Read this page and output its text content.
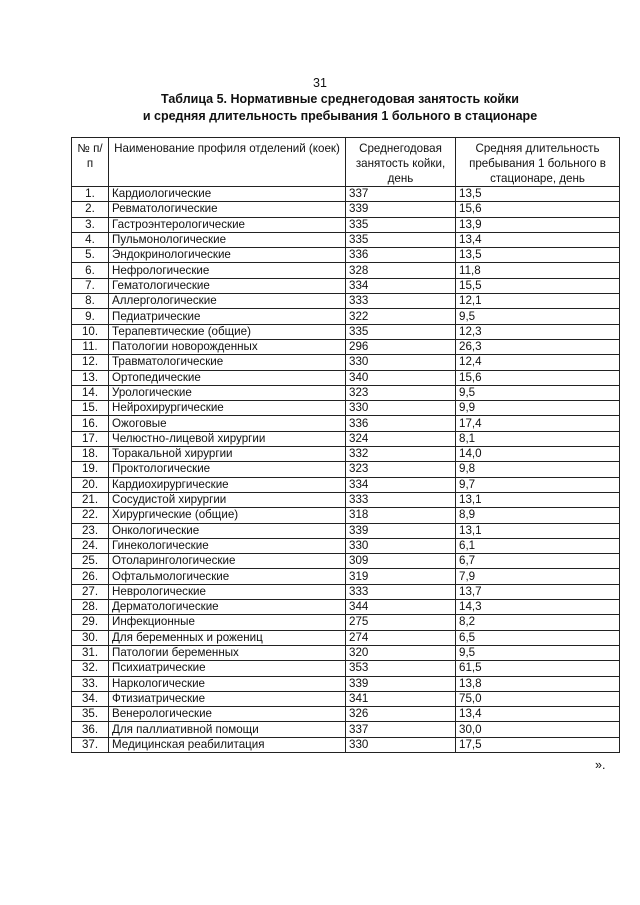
31
Таблица 5. Нормативные среднегодовая занятость койки
и средняя длительность пребывания 1 больного в стационаре
№ п/п	Наименование профиля отделений (коек)	Среднегодовая занятость койки, день	Средняя длительность пребывания 1 больного в стационаре, день
1.	Кардиологические	337	13,5
2.	Ревматологические	339	15,6
3.	Гастроэнтерологические	335	13,9
4.	Пульмонологические	335	13,4
5.	Эндокринологические	336	13,5
6.	Нефрологические	328	11,8
7.	Гематологические	334	15,5
8.	Аллергологические	333	12,1
9.	Педиатрические	322	9,5
10.	Терапевтические (общие)	335	12,3
11.	Патологии новорожденных	296	26,3
12.	Травматологические	330	12,4
13.	Ортопедические	340	15,6
14.	Урологические	323	9,5
15.	Нейрохирургические	330	9,9
16.	Ожоговые	336	17,4
17.	Челюстно-лицевой хирургии	324	8,1
18.	Торакальной хирургии	332	14,0
19.	Проктологические	323	9,8
20.	Кардиохирургические	334	9,7
21.	Сосудистой хирургии	333	13,1
22.	Хирургические (общие)	318	8,9
23.	Онкологические	339	13,1
24.	Гинекологические	330	6,1
25.	Отоларингологические	309	6,7
26.	Офтальмологические	319	7,9
27.	Неврологические	333	13,7
28.	Дерматологические	344	14,3
29.	Инфекционные	275	8,2
30.	Для беременных и рожениц	274	6,5
31.	Патологии беременных	320	9,5
32.	Психиатрические	353	61,5
33.	Наркологические	339	13,8
34.	Фтизиатрические	341	75,0
35.	Венерологические	326	13,4
36.	Для паллиативной помощи	337	30,0
37.	Медицинская реабилитация	330	17,5
».
